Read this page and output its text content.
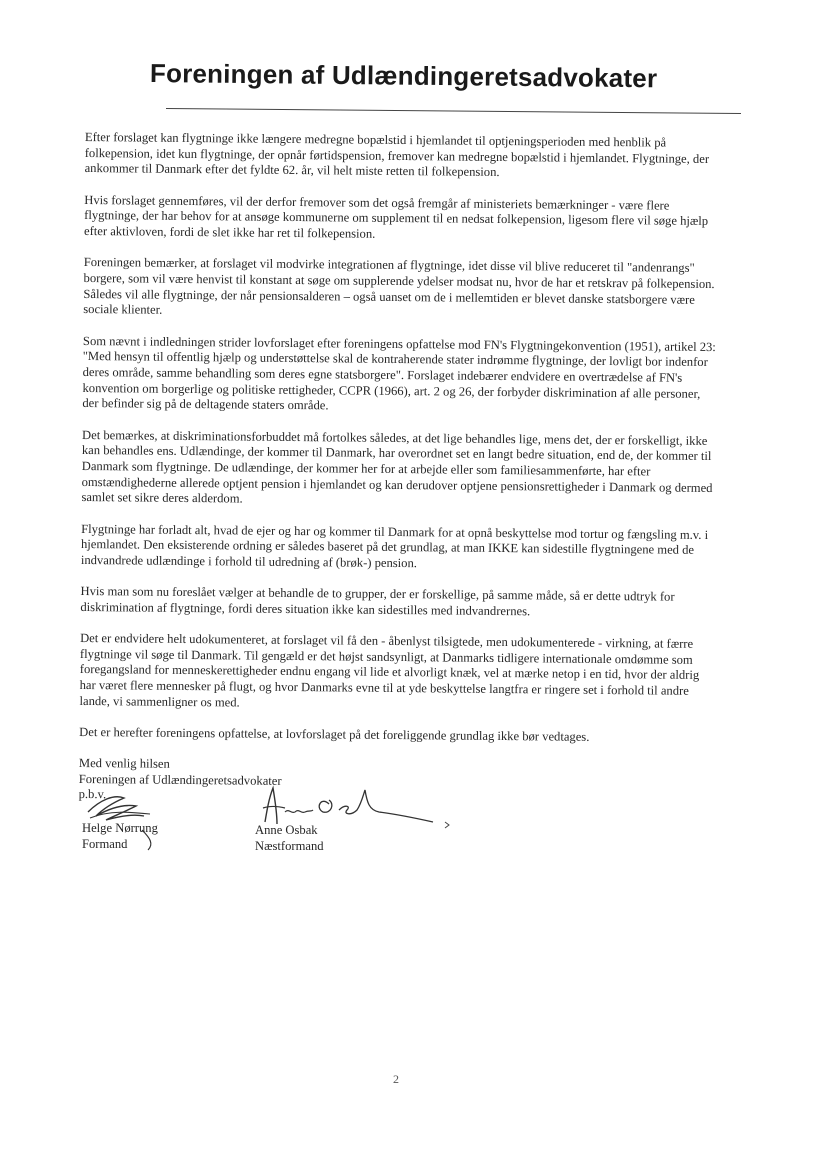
Foreningen af Udlændingeretsadvokater

Efter forslaget kan flygtninge ikke længere medregne bopælstid i hjemlandet til optjeningsperioden med henblik på folkepension, idet kun flygtninge, der opnår førtidspension, fremover kan medregne bopælstid i hjemlandet. Flygtninge, der ankommer til Danmark efter det fyldte 62. år, vil helt miste retten til folkepension.

Hvis forslaget gennemføres, vil der derfor fremover som det også fremgår af ministeriets bemærkninger - være flere flygtninge, der har behov for at ansøge kommunerne om supplement til en nedsat folkepension, ligesom flere vil søge hjælp efter aktivloven, fordi de slet ikke har ret til folkepension.

Foreningen bemærker, at forslaget vil modvirke integrationen af flygtninge, idet disse vil blive reduceret til "andenrangs" borgere, som vil være henvist til konstant at søge om supplerende ydelser modsat nu, hvor de har et retskrav på folkepension. Således vil alle flygtninge, der når pensionsalderen – også uanset om de i mellemtiden er blevet danske statsborgere være sociale klienter.

Som nævnt i indledningen strider lovforslaget efter foreningens opfattelse mod FN's Flygtningekonvention (1951), artikel 23: "Med hensyn til offentlig hjælp og understøttelse skal de kontraherende stater indrømme flygtninge, der lovligt bor indenfor deres område, samme behandling som deres egne statsborgere". Forslaget indebærer endvidere en overtrædelse af FN's konvention om borgerlige og politiske rettigheder, CCPR (1966), art. 2 og 26, der forbyder diskrimination af alle personer, der befinder sig på de deltagende staters område.

Det bemærkes, at diskriminationsforbuddet må fortolkes således, at det lige behandles lige, mens det, der er forskelligt, ikke kan behandles ens. Udlændinge, der kommer til Danmark, har overordnet set en langt bedre situation, end de, der kommer til Danmark som flygtninge. De udlændinge, der kommer her for at arbejde eller som familiesammenførte, har efter omstændighederne allerede optjent pension i hjemlandet og kan derudover optjene pensionsrettigheder i Danmark og dermed samlet set sikre deres alderdom.

Flygtninge har forladt alt, hvad de ejer og har og kommer til Danmark for at opnå beskyttelse mod tortur og fængsling m.v. i hjemlandet. Den eksisterende ordning er således baseret på det grundlag, at man IKKE kan sidestille flygtningene med de indvandrede udlændinge i forhold til udredning af (brøk-) pension.

Hvis man som nu foreslået vælger at behandle de to grupper, der er forskellige, på samme måde, så er dette udtryk for diskrimination af flygtninge, fordi deres situation ikke kan sidestilles med indvandrernes.

Det er endvidere helt udokumenteret, at forslaget vil få den - åbenlyst tilsigtede, men udokumenterede - virkning, at færre flygtninge vil søge til Danmark. Til gengæld er det højst sandsynligt, at Danmarks tidligere internationale omdømme som foregangsland for menneskerettigheder endnu engang vil lide et alvorligt knæk, vel at mærke netop i en tid, hvor der aldrig har været flere mennesker på flugt, og hvor Danmarks evne til at yde beskyttelse langtfra er ringere set i forhold til andre lande, vi sammenligner os med.

Det er herefter foreningens opfattelse, at lovforslaget på det foreliggende grundlag ikke bør vedtages.

Med venlig hilsen
Foreningen af Udlændingeretsadvokater
p.b.v.
Helge Nørrung
Formand
Anne Osbak
Næstformand
2
